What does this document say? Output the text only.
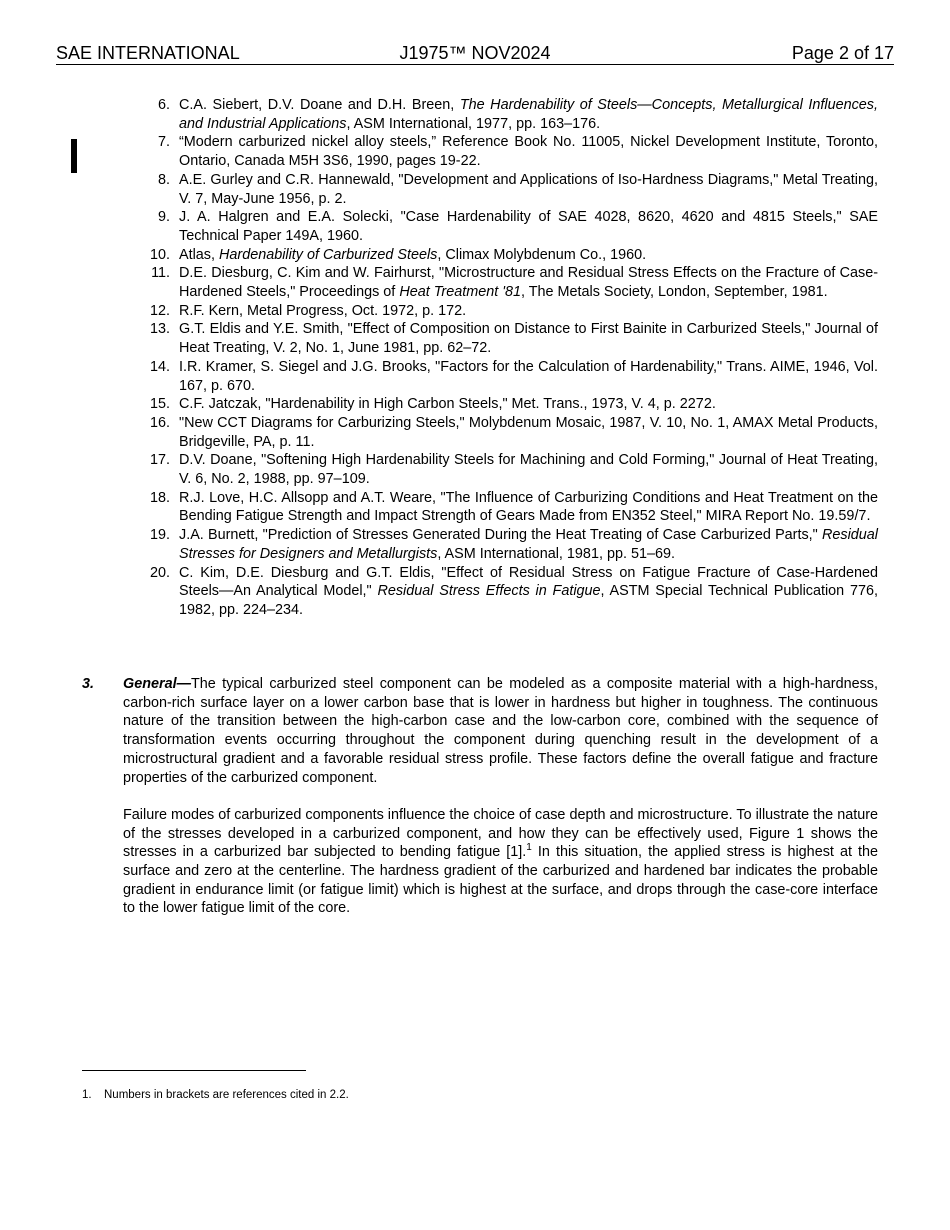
SAE INTERNATIONAL	J1975™ NOV2024	Page 2 of 17
6. C.A. Siebert, D.V. Doane and D.H. Breen, The Hardenability of Steels—Concepts, Metallurgical Influences, and Industrial Applications, ASM International, 1977, pp. 163–176.
7. “Modern carburized nickel alloy steels,” Reference Book No. 11005, Nickel Development Institute, Toronto, Ontario, Canada M5H 3S6, 1990, pages 19-22.
8. A.E. Gurley and C.R. Hannewald, "Development and Applications of Iso-Hardness Diagrams," Metal Treating, V. 7, May-June 1956, p. 2.
9. J. A. Halgren and E.A. Solecki, "Case Hardenability of SAE 4028, 8620, 4620 and 4815 Steels," SAE Technical Paper 149A, 1960.
10. Atlas, Hardenability of Carburized Steels, Climax Molybdenum Co., 1960.
11. D.E. Diesburg, C. Kim and W. Fairhurst, "Microstructure and Residual Stress Effects on the Fracture of Case-Hardened Steels," Proceedings of Heat Treatment '81, The Metals Society, London, September, 1981.
12. R.F. Kern, Metal Progress, Oct. 1972, p. 172.
13. G.T. Eldis and Y.E. Smith, "Effect of Composition on Distance to First Bainite in Carburized Steels," Journal of Heat Treating, V. 2, No. 1, June 1981, pp. 62–72.
14. I.R. Kramer, S. Siegel and J.G. Brooks, "Factors for the Calculation of Hardenability," Trans. AIME, 1946, Vol. 167, p. 670.
15. C.F. Jatczak, "Hardenability in High Carbon Steels," Met. Trans., 1973, V. 4, p. 2272.
16. "New CCT Diagrams for Carburizing Steels," Molybdenum Mosaic, 1987, V. 10, No. 1, AMAX Metal Products, Bridgeville, PA, p. 11.
17. D.V. Doane, "Softening High Hardenability Steels for Machining and Cold Forming," Journal of Heat Treating, V. 6, No. 2, 1988, pp. 97–109.
18. R.J. Love, H.C. Allsopp and A.T. Weare, "The Influence of Carburizing Conditions and Heat Treatment on the Bending Fatigue Strength and Impact Strength of Gears Made from EN352 Steel," MIRA Report No. 19.59/7.
19. J.A. Burnett, "Prediction of Stresses Generated During the Heat Treating of Case Carburized Parts," Residual Stresses for Designers and Metallurgists, ASM International, 1981, pp. 51–69.
20. C. Kim, D.E. Diesburg and G.T. Eldis, "Effect of Residual Stress on Fatigue Fracture of Case-Hardened Steels—An Analytical Model," Residual Stress Effects in Fatigue, ASTM Special Technical Publication 776, 1982, pp. 224–234.
3. General—The typical carburized steel component can be modeled as a composite material with a high-hardness, carbon-rich surface layer on a lower carbon base that is lower in hardness but higher in toughness. The continuous nature of the transition between the high-carbon case and the low-carbon core, combined with the sequence of transformation events occurring throughout the component during quenching result in the development of a microstructural gradient and a favorable residual stress profile. These factors define the overall fatigue and fracture properties of the carburized component.

Failure modes of carburized components influence the choice of case depth and microstructure. To illustrate the nature of the stresses developed in a carburized component, and how they can be effectively used, Figure 1 shows the stresses in a carburized bar subjected to bending fatigue [1].$^1$ In this situation, the applied stress is highest at the surface and zero at the centerline. The hardness gradient of the carburized and hardened bar indicates the probable gradient in endurance limit (or fatigue limit) which is highest at the surface, and drops through the case-core interface to the lower fatigue limit of the core.

1. Numbers in brackets are references cited in 2.2.
